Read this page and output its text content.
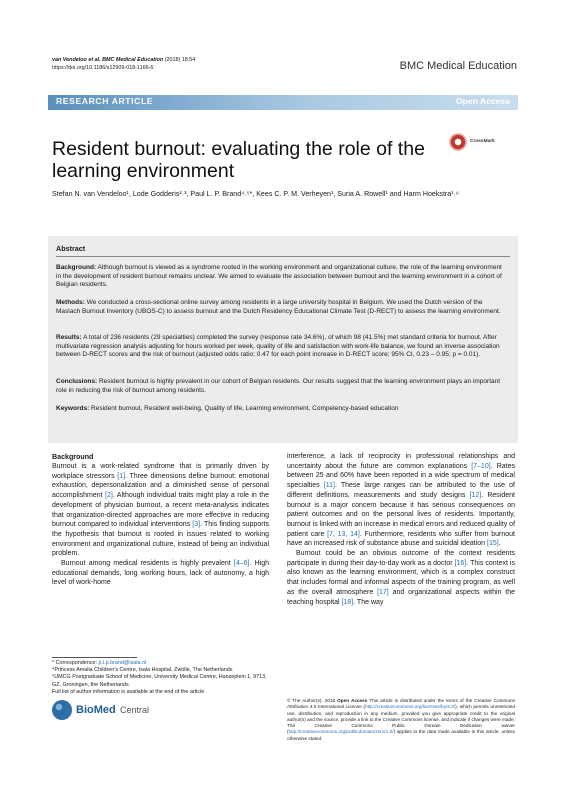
van Vendeloo et al. BMC Medical Education (2018) 18:54
https://doi.org/10.1186/s12909-018-1166-6	BMC Medical Education
RESEARCH ARTICLE	Open Access
CrossMark
Resident burnout: evaluating the role of the learning environment
Stefan N. van Vendeloo¹, Lode Godderis²˒³, Paul L. P. Brand⁴˒⁵*, Kees C. P. M. Verheyen¹, Suria A. Rowell¹ and Harm Hoekstra¹˒⁶
Abstract

Background: Although burnout is viewed as a syndrome rooted in the working environment and organizational culture, the role of the learning environment in the development of resident burnout remains unclear. We aimed to evaluate the association between burnout and the learning environment in a cohort of Belgian residents.

Methods: We conducted a cross-sectional online survey among residents in a large university hospital in Belgium. We used the Dutch version of the Maslach Burnout Inventory (UBOS-C) to assess burnout and the Dutch Residency Educational Climate Test (D-RECT) to assess the learning environment.

Results: A total of 236 residents (29 specialties) completed the survey (response rate 34.6%), of which 98 (41.5%) met standard criteria for burnout. After multivariate regression analysis adjusting for hours worked per week, quality of life and satisfaction with work-life balance, we found an inverse association between D-RECT scores and the risk of burnout (adjusted odds ratio; 0.47 for each point increase in D-RECT score; 95% CI, 0.23 – 0.95; p = 0.01).

Conclusions: Resident burnout is highly prevalent in our cohort of Belgian residents. Our results suggest that the learning environment plays an important role in reducing the risk of burnout among residents.

Keywords: Resident burnout, Resident well-being, Quality of life, Learning environment, Competency-based education

Background

Burnout is a work-related syndrome that is primarily driven by workplace stressors [1]. Three dimensions define burnout: emotional exhaustion, depersonalization and a diminished sense of personal accomplishment [2]. Although individual traits might play a role in the development of physician burnout, a recent meta-analysis indicates that organization-directed approaches are more effective in reducing burnout compared to individual interventions [3]. This finding supports the hypothesis that burnout is rooted in issues related to working environment and organizational culture, instead of being an individual problem.

Burnout among medical residents is highly prevalent [4–6]. High educational demands, long working hours, lack of autonomy, a high level of work-home

interference, a lack of reciprocity in professional relationships and uncertainty about the future are common explanations [7–10]. Rates between 25 and 60% have been reported in a wide spectrum of medical specialties [11]. These large ranges can be attributed to the use of different definitions, measurements and study designs [12]. Resident burnout is a major concern because it has serious consequences on patient outcomes and on the personal lives of residents. Importantly, burnout is linked with an increase in medical errors and reduced quality of patient care [7, 13, 14]. Furthermore, residents who suffer from burnout have an increased risk of substance abuse and suicidal ideation [15].

Burnout could be an obvious outcome of the context residents participate in during their day-to-day work as a doctor [16]. This context is also known as the learning environment, which is a complex construct that includes formal and informal aspects of the training program, as well as the overall atmosphere [17] and organizational aspects within the teaching hospital [18]. The way

* Correspondence: p.l.p.brand@isala.nl
⁴Princess Amalia Children’s Centre, Isala Hospital, Zwolle, The Netherlands
⁵UMCG Postgraduate School of Medicine, University Medical Centre, Hanzeplein 1, 9713, GZ, Groningen, the Netherlands
Full list of author information is available at the end of the article
BioMed Central
© The Author(s). 2018 Open Access This article is distributed under the terms of the Creative Commons Attribution 4.0 International License (http://creativecommons.org/licenses/by/4.0/), which permits unrestricted use, distribution, and reproduction in any medium, provided you give appropriate credit to the original author(s) and the source, provide a link to the Creative Commons license, and indicate if changes were made. The Creative Commons Public Domain Dedication waiver (http://creativecommons.org/publicdomain/zero/1.0/) applies to the data made available in this article, unless otherwise stated.
